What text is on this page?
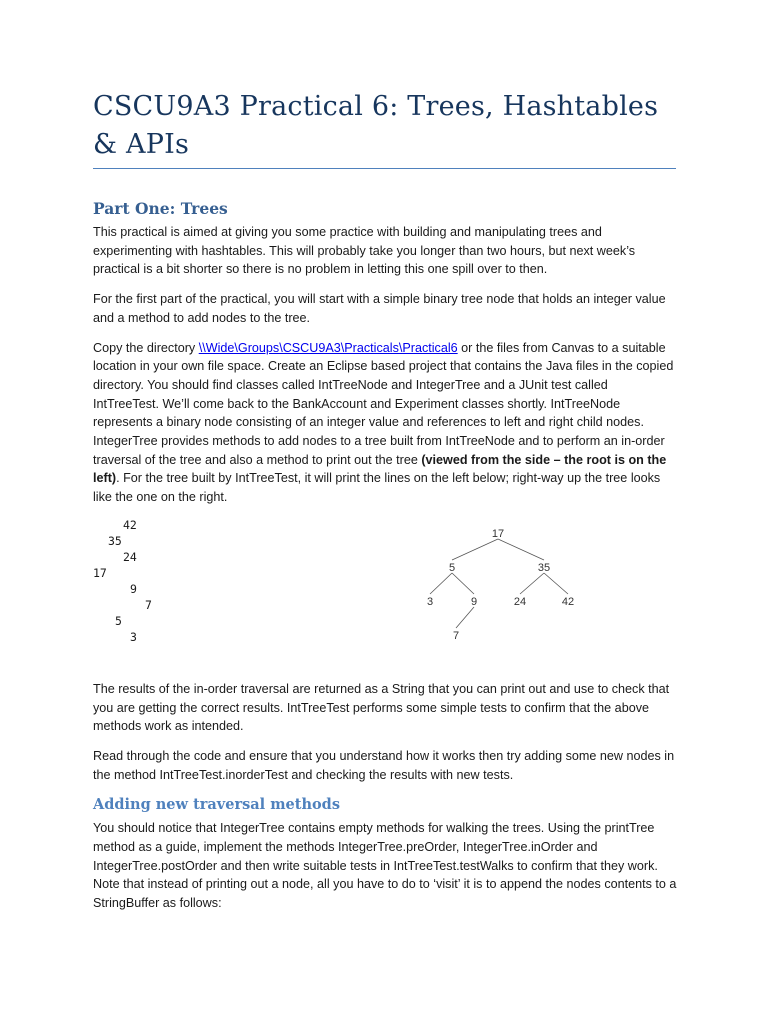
CSCU9A3 Practical 6: Trees, Hashtables & APIs
Part One: Trees

This practical is aimed at giving you some practice with building and manipulating trees and experimenting with hashtables. This will probably take you longer than two hours, but next week’s practical is a bit shorter so there is no problem in letting this one spill over to then.

For the first part of the practical, you will start with a simple binary tree node that holds an integer value and a method to add nodes to the tree.

Copy the directory \\Wide\Groups\CSCU9A3\Practicals\Practical6 or the files from Canvas to a suitable location in your own file space. Create an Eclipse based project that contains the Java files in the copied directory. You should find classes called IntTreeNode and IntegerTree and a JUnit test called IntTreeTest. We’ll come back to the BankAccount and Experiment classes shortly. IntTreeNode represents a binary node consisting of an integer value and references to left and right child nodes. IntegerTree provides methods to add nodes to a tree built from IntTreeNode and to perform an in-order traversal of the tree and also a method to print out the tree (viewed from the side – the root is on the left). For the tree built by IntTreeTest, it will print the lines on the left below; right-way up the tree looks like the one on the right.

42
35
24
17
9
7
5
3
17
5	35
3	9	24	42
7

The results of the in-order traversal are returned as a String that you can print out and use to check that you are getting the correct results. IntTreeTest performs some simple tests to confirm that the above methods work as intended.

Read through the code and ensure that you understand how it works then try adding some new nodes in the method IntTreeTest.inorderTest and checking the results with new tests.

Adding new traversal methods

You should notice that IntegerTree contains empty methods for walking the trees. Using the printTree method as a guide, implement the methods IntegerTree.preOrder, IntegerTree.inOrder and IntegerTree.postOrder and then write suitable tests in IntTreeTest.testWalks to confirm that they work. Note that instead of printing out a node, all you have to do to ‘visit’ it is to append the nodes contents to a StringBuffer as follows:
